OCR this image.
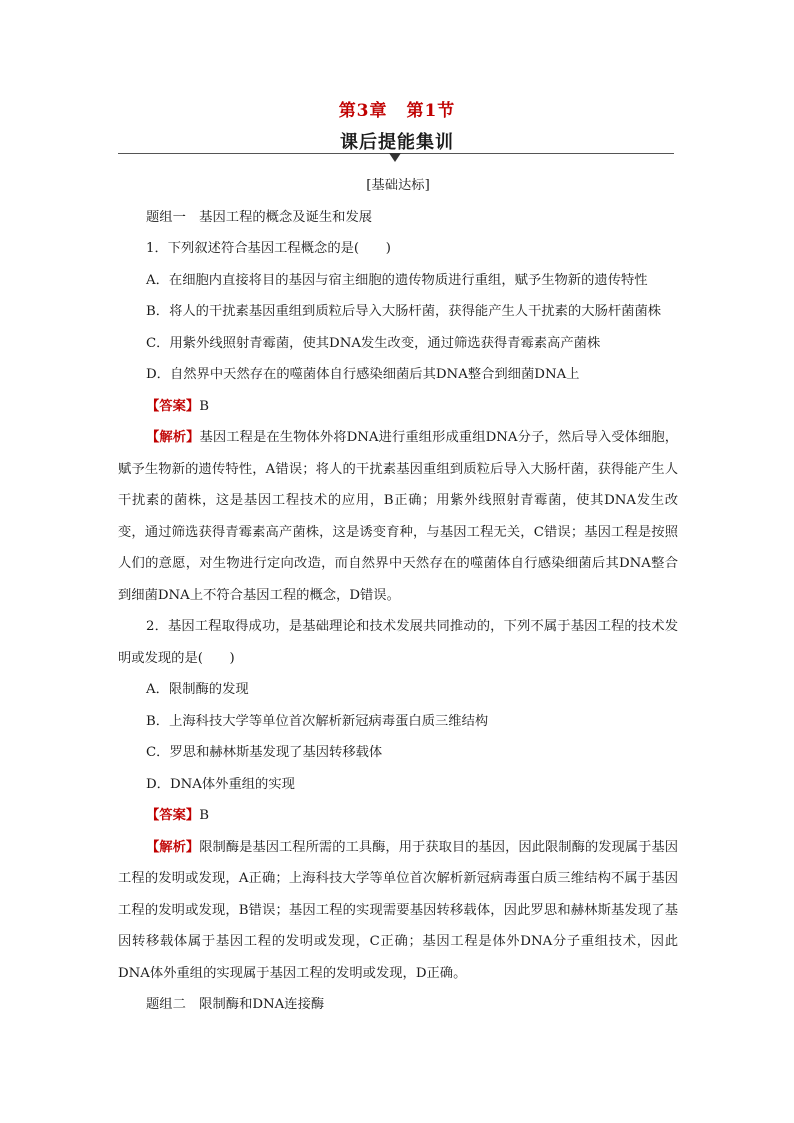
第3章 第1节
课后提能集训
[基础达标]
题组一　基因工程的概念及诞生和发展
1．下列叙述符合基因工程概念的是(　　)
A．在细胞内直接将目的基因与宿主细胞的遗传物质进行重组，赋予生物新的遗传特性
B．将人的干扰素基因重组到质粒后导入大肠杆菌，获得能产生人干扰素的大肠杆菌菌株
C．用紫外线照射青霉菌，使其DNA发生改变，通过筛选获得青霉素高产菌株
D．自然界中天然存在的噬菌体自行感染细菌后其DNA整合到细菌DNA上
【答案】B
【解析】基因工程是在生物体外将DNA进行重组形成重组DNA分子，然后导入受体细胞，赋予生物新的遗传特性，A错误；将人的干扰素基因重组到质粒后导入大肠杆菌，获得能产生人干扰素的菌株，这是基因工程技术的应用，B正确；用紫外线照射青霉菌，使其DNA发生改变，通过筛选获得青霉素高产菌株，这是诱变育种，与基因工程无关，C错误；基因工程是按照人们的意愿，对生物进行定向改造，而自然界中天然存在的噬菌体自行感染细菌后其DNA整合到细菌DNA上不符合基因工程的概念，D错误。
2．基因工程取得成功，是基础理论和技术发展共同推动的，下列不属于基因工程的技术发明或发现的是(　　)
A．限制酶的发现
B．上海科技大学等单位首次解析新冠病毒蛋白质三维结构
C．罗思和赫林斯基发现了基因转移载体
D．DNA体外重组的实现
【答案】B
【解析】限制酶是基因工程所需的工具酶，用于获取目的基因，因此限制酶的发现属于基因工程的发明或发现，A正确；上海科技大学等单位首次解析新冠病毒蛋白质三维结构不属于基因工程的发明或发现，B错误；基因工程的实现需要基因转移载体，因此罗思和赫林斯基发现了基因转移载体属于基因工程的发明或发现，C正确；基因工程是体外DNA分子重组技术，因此DNA体外重组的实现属于基因工程的发明或发现，D正确。
题组二　限制酶和DNA连接酶
